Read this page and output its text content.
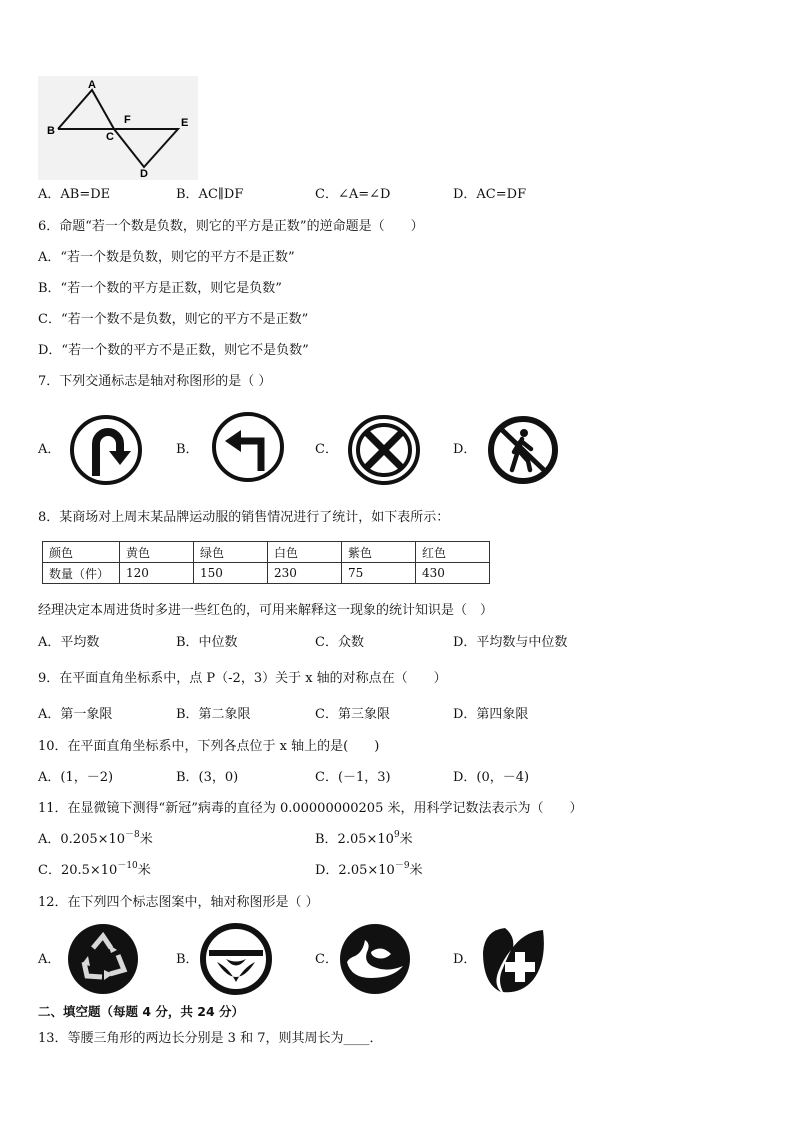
A
B	C
F	E
D
A．AB=DE	B．AC∥DF	C．∠A=∠D	D．AC=DF
6．命题“若一个数是负数，则它的平方是正数”的逆命题是（　　）
A．“若一个数是负数，则它的平方不是正数”
B．“若一个数的平方是正数，则它是负数”
C．“若一个数不是负数，则它的平方不是正数”
D．“若一个数的平方不是正数，则它不是负数”
7．下列交通标志是轴对称图形的是（ ）
A．	B．	C．	D．
8．某商场对上周末某品牌运动服的销售情况进行了统计，如下表所示：
颜色	黄色	绿色	白色	紫色	红色
数量（件）	120	150	230	75	430
经理决定本周进货时多进一些红色的，可用来解释这一现象的统计知识是（　）
A．平均数	B．中位数	C．众数	D．平均数与中位数
9．在平面直角坐标系中，点 P（-2，3）关于 x 轴的对称点在（　　）
A．第一象限	B．第二象限	C．第三象限	D．第四象限
10．在平面直角坐标系中，下列各点位于 x 轴上的是(　　)
A．(1，－2)	B．(3，0)	C．(－1，3)	D．(0，－4)
11．在显微镜下测得“新冠”病毒的直径为 0.00000000205 米，用科学记数法表示为（　　）
A．$0.205\times 10^{-8}$米	B．$2.05\times 10^9$米
C．$20.5\times 10^{-10}$米	D．$2.05\times 10^{-9}$米
12．在下列四个标志图案中，轴对称图形是（ ）
A．	B．	C．	D．
二、填空题（每题 4 分，共 24 分）
13．等腰三角形的两边长分别是 3 和 7，则其周长为____．
